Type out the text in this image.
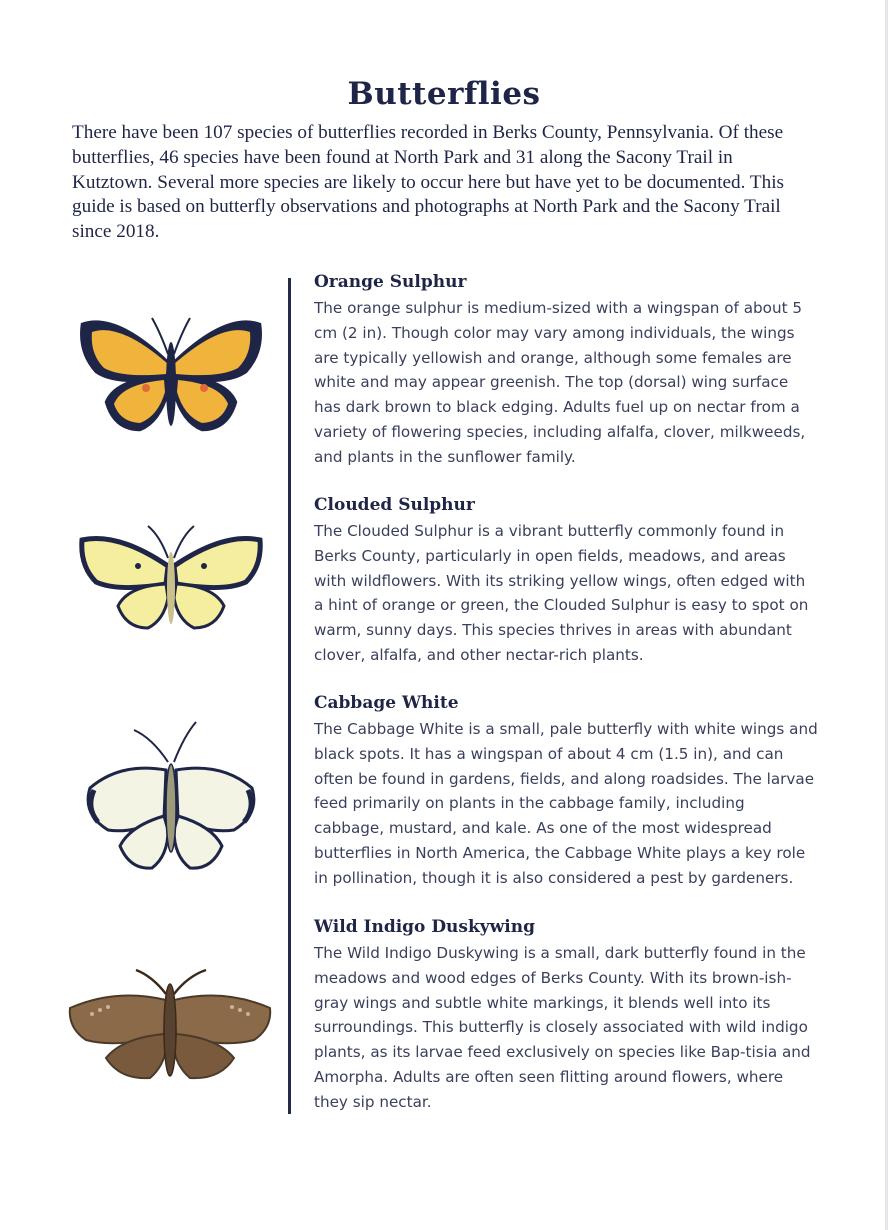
Butterflies

There have been 107 species of butterflies recorded in Berks County, Pennsylvania. Of these butterflies, 46 species have been found at North Park and 31 along the Sacony Trail in Kutztown. Several more species are likely to occur here but have yet to be documented. This guide is based on butterfly observations and photographs at North Park and the Sacony Trail since 2018.

Orange Sulphur

The orange sulphur is medium-sized with a wingspan of about 5 cm (2 in). Though color may vary among individuals, the wings are typically yellowish and orange, although some females are white and may appear greenish. The top (dorsal) wing surface has dark brown to black edging. Adults fuel up on nectar from a variety of flowering species, including alfalfa, clover, milkweeds, and plants in the sunflower family.

Clouded Sulphur

The Clouded Sulphur is a vibrant butterfly commonly found in Berks County, particularly in open fields, meadows, and areas with wildflowers. With its striking yellow wings, often edged with a hint of orange or green, the Clouded Sulphur is easy to spot on warm, sunny days. This species thrives in areas with abundant clover, alfalfa, and other nectar-rich plants.

Cabbage White

The Cabbage White is a small, pale butterfly with white wings and black spots. It has a wingspan of about 4 cm (1.5 in), and can often be found in gardens, fields, and along roadsides. The larvae feed primarily on plants in the cabbage family, including cabbage, mustard, and kale. As one of the most widespread butterflies in North America, the Cabbage White plays a key role in pollination, though it is also considered a pest by gardeners.

Wild Indigo Duskywing

The Wild Indigo Duskywing is a small, dark butterfly found in the meadows and wood edges of Berks County. With its brown-ish-gray wings and subtle white markings, it blends well into its surroundings. This butterfly is closely associated with wild indigo plants, as its larvae feed exclusively on species like Bap-tisia and Amorpha. Adults are often seen flitting around flowers, where they sip nectar.
